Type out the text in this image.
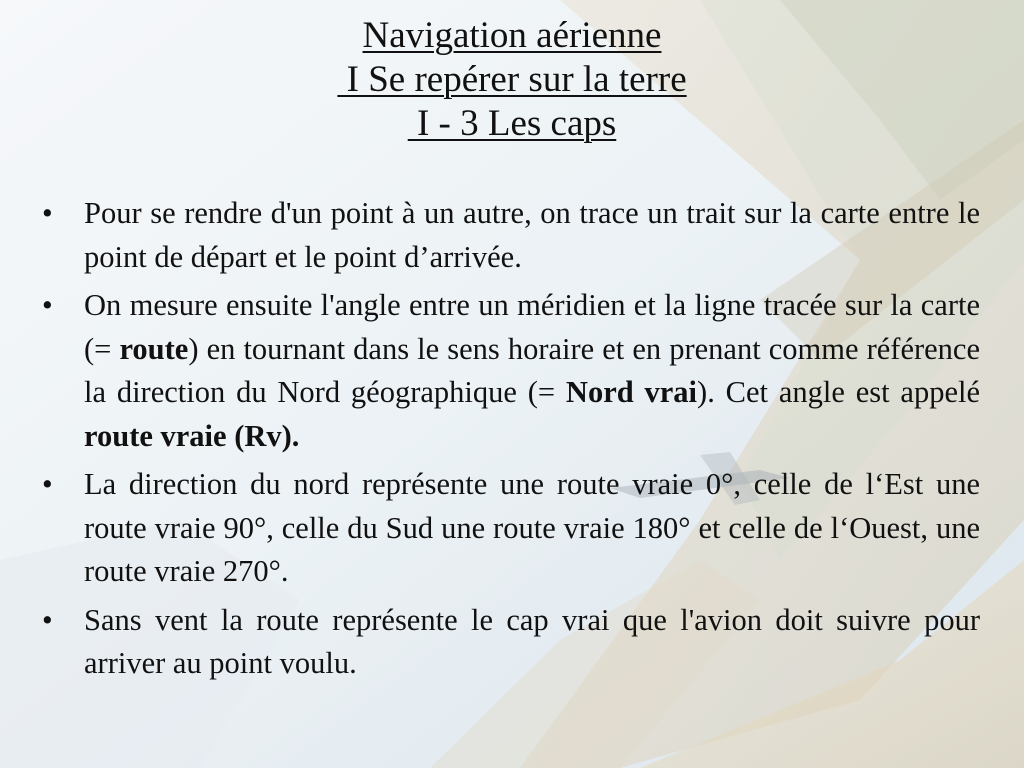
Navigation aérienne
I Se repérer sur la terre
I - 3 Les caps
• Pour se rendre d'un point à un autre, on trace un trait sur la carte entre le point de départ et le point d’arrivée.
• On mesure ensuite l'angle entre un méridien et la ligne tracée sur la carte (= route) en tournant dans le sens horaire et en prenant comme référence la direction du Nord géographique (= Nord vrai). Cet angle est appelé route vraie (Rv).
• La direction du nord représente une route vraie 0°, celle de l‘Est une route vraie 90°, celle du Sud une route vraie 180° et celle de l‘Ouest, une route vraie 270°.
• Sans vent la route représente le cap vrai que l'avion doit suivre pour arriver au point voulu.
